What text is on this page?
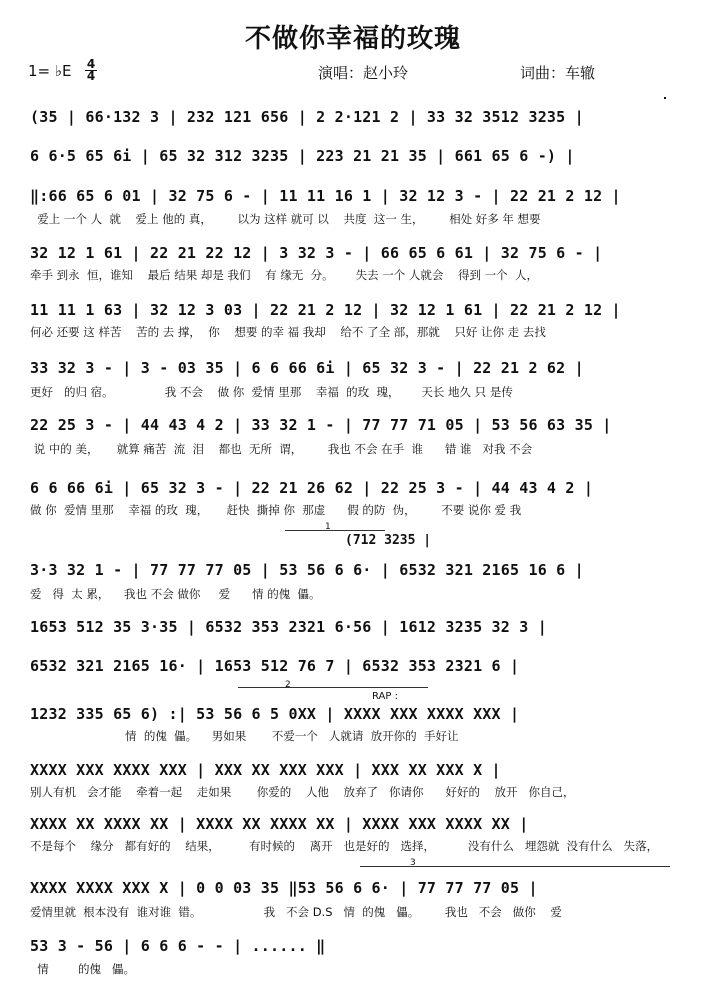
不做你幸福的玫瑰
1= ♭E 4
4	演唱：赵小玲	词曲：车辙
(35 | 66·132 3 | 232 121 656 | 2 2·121 2 | 33 32 3512 3235 |
6 6·5 65 6i | 65 32 312 3235 | 223 21 21 35 | 661 65 6 -) |
‖:66 65 6 01 | 32 75 6 - | 11 11 16 1 | 32 12 3 - | 22 21 2 12 |
爱上 一个 人  就    爱上 他的 真，       以为 这样 就可 以    共度  这一 生，       相处 好多 年 想要
32 12 1 61 | 22 21 22 12 | 3 32 3 - | 66 65 6 61 | 32 75 6 - |
牵手 到永  恒，谁知    最后 结果 却是 我们    有 缘无  分。      失去 一个 人就会    得到 一个  人，
11 11 1 63 | 32 12 3 03 | 22 21 2 12 | 32 12 1 61 | 22 21 2 12 |
何必 还要 这 样苦    苦的 去 撑，  你    想要 的幸 福 我却    给不 了全 部，那就    只好 让你 走 去找
33 32 3 - | 3 - 03 35 | 6 6 66 6i | 65 32 3 - | 22 21 2 62 |
更好   的归 宿。              我 不会    做 你  爱情 里那    幸福  的玫  瑰，      天长 地久 只 是传
22 25 3 - | 44 43 4 2 | 33 32 1 - | 77 77 71 05 | 53 56 63 35 |
说 中的 美，     就算 痛苦  流  泪    都也  无所  谓，       我也 不会 在手  谁      错 谁   对我 不会
6 6 66 6i | 65 32 3 - | 22 21 26 62 | 22 25 3 - | 44 43 4 2 |
做 你  爱情 里那    幸福 的玫  瑰，     赶快  撕掉 你  那虚      假 的防  伪，       不要 说你 爱 我
1
(712 3235 |
3·3 32 1 - | 77 77 77 05 | 53 56 6 6· | 6532 321 2165 16 6 |
爱   得  太 累，    我也 不会 做你     爱      情 的傀  儡。
1653 512 35 3·35 | 6532 353 2321 6·56 | 1612 3235 32 3 |
6532 321 2165 16· | 1653 512 76 7 | 6532 353 2321 6 |
2
RAP :
1232 335 65 6) :| 53 56 6 5 0XX | XXXX XXX XXXX XXX |
情  的傀  儡。    男如果       不爱一个   人就请  放开你的  手好让
XXXX XXX XXXX XXX | XXX XX XXX XXX | XXX XX XXX X |
别人有机   会才能    牵着一起    走如果       你爱的    人他    放弃了   你请你      好好的    放开   你自己，
XXXX XX XXXX XX | XXXX XX XXXX XX | XXXX XXX XXXX XX |
不是每个    缘分   都有好的    结果，        有时候的    离开   也是好的   选择，         没有什么   埋怨就  没有什么   失落，
3
XXXX XXXX XXX X | 0 0 03 35 ‖53 56 6 6· | 77 77 77 05 |
爱情里就  根本没有  谁对谁  错。                 我   不会 D.S   情  的傀   儡。       我也   不会   做你    爱
53 3 - 56 | 6 6 6 - - | ...... ‖
情        的傀   儡。
